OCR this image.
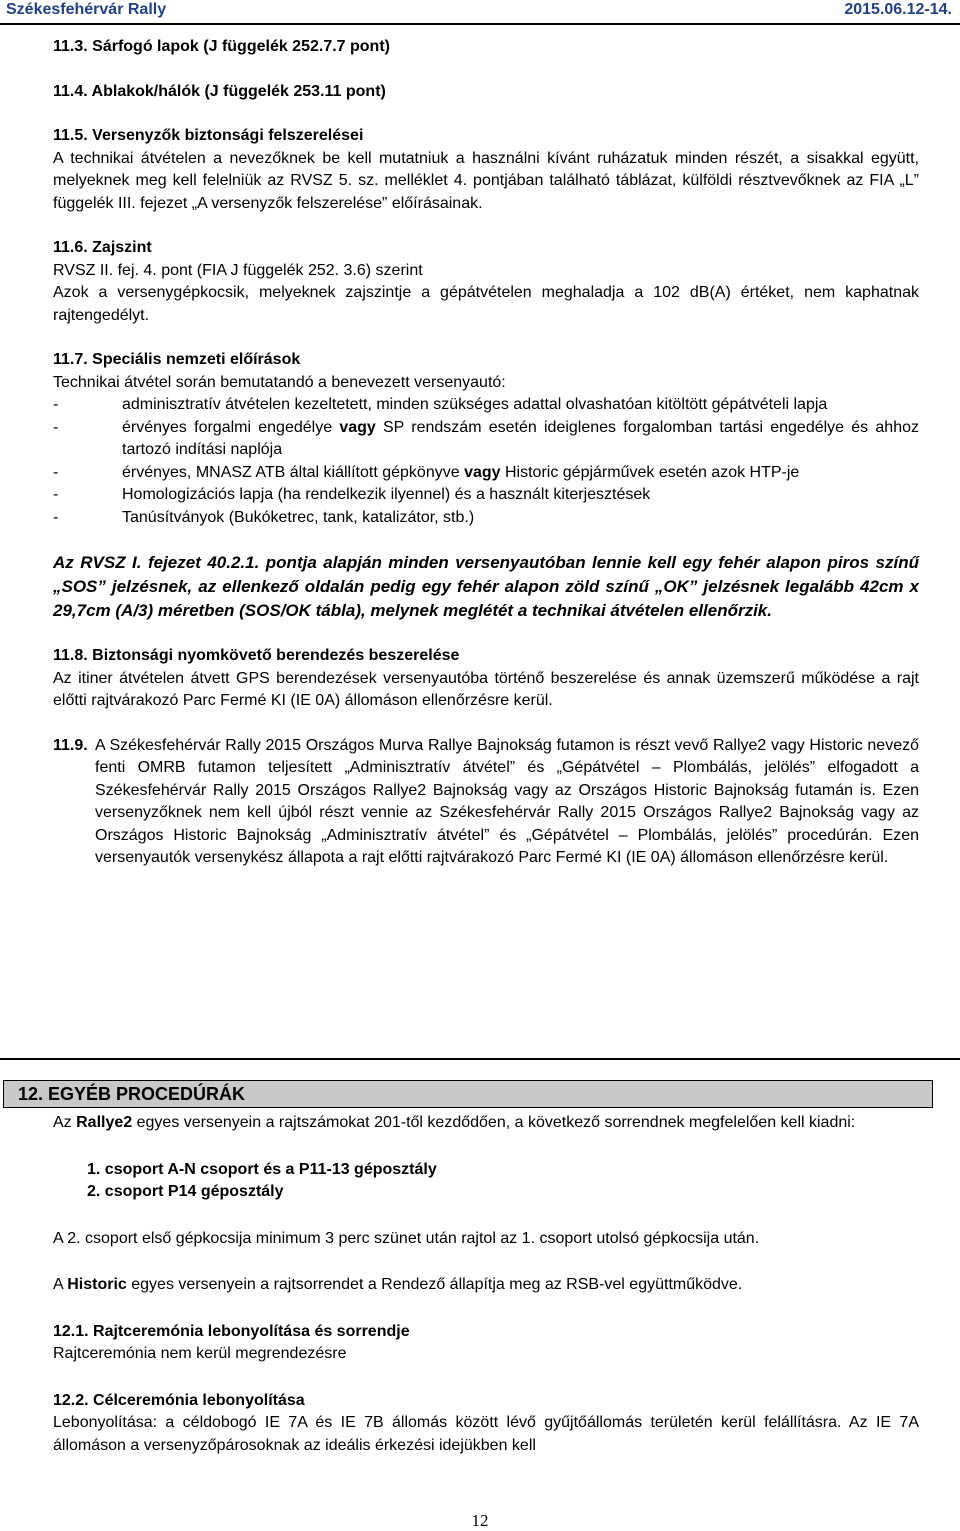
Székesfehérvár Rally	2015.06.12-14.

11.3. Sárfogó lapok (J függelék 252.7.7 pont)

11.4. Ablakok/hálók (J függelék 253.11 pont)

11.5. Versenyzők biztonsági felszerelései

A technikai átvételen a nevezőknek be kell mutatniuk a használni kívánt ruházatuk minden részét, a sisakkal együtt, melyeknek meg kell felelniük az RVSZ 5. sz. melléklet 4. pontjában található táblázat, külföldi résztvevőknek az FIA „L” függelék III. fejezet „A versenyzők felszerelése” előírásainak.

11.6. Zajszint

RVSZ II. fej. 4. pont (FIA J függelék 252. 3.6) szerint

Azok a versenygépkocsik, melyeknek zajszintje a gépátvételen meghaladja a 102 dB(A) értéket, nem kaphatnak rajtengedélyt.

11.7. Speciális nemzeti előírások

Technikai átvétel során bemutatandó a benevezett versenyautó:

-	adminisztratív átvételen kezeltetett, minden szükséges adattal olvashatóan kitöltött gépátvételi lapja
-	érvényes forgalmi engedélye vagy SP rendszám esetén ideiglenes forgalomban tartási engedélye és ahhoz tartozó indítási naplója
-	érvényes, MNASZ ATB által kiállított gépkönyve vagy Historic gépjárművek esetén azok HTP-je
-	Homologizációs lapja (ha rendelkezik ilyennel) és a használt kiterjesztések
-	Tanúsítványok (Bukóketrec, tank, katalizátor, stb.)

Az RVSZ I. fejezet 40.2.1. pontja alapján minden versenyautóban lennie kell egy fehér alapon piros színű „SOS” jelzésnek, az ellenkező oldalán pedig egy fehér alapon zöld színű „OK” jelzésnek legalább 42cm x 29,7cm (A/3) méretben (SOS/OK tábla), melynek meglétét a technikai átvételen ellenőrzik.

11.8. Biztonsági nyomkövető berendezés beszerelése

Az itiner átvételen átvett GPS berendezések versenyautóba történő beszerelése és annak üzemszerű működése a rajt előtti rajtvárakozó Parc Fermé KI (IE 0A) állomáson ellenőrzésre kerül.

11.9. A Székesfehérvár Rally 2015 Országos Murva Rallye Bajnokság futamon is részt vevő Rallye2 vagy Historic nevező fenti OMRB futamon teljesített „Adminisztratív átvétel” és „Gépátvétel – Plombálás, jelölés” elfogadott a Székesfehérvár Rally 2015 Országos Rallye2 Bajnokság vagy az Országos Historic Bajnokság futamán is. Ezen versenyzőknek nem kell újból részt vennie az Székesfehérvár Rally 2015 Országos Rallye2 Bajnokság vagy az Országos Historic Bajnokság „Adminisztratív átvétel” és „Gépátvétel – Plombálás, jelölés” procedúrán. Ezen versenyautók versenykész állapota a rajt előtti rajtvárakozó Parc Fermé KI (IE 0A) állomáson ellenőrzésre kerül.

12. EGYÉB PROCEDÚRÁK

Az Rallye2 egyes versenyein a rajtszámokat 201-től kezdődően, a következő sorrendnek megfelelően kell kiadni:

1. csoport A-N csoport és a P11-13 géposztály
2. csoport P14 géposztály

A 2. csoport első gépkocsija minimum 3 perc szünet után rajtol az 1. csoport utolsó gépkocsija után.

A Historic egyes versenyein a rajtsorrendet a Rendező állapítja meg az RSB-vel együttműködve.

12.1. Rajtceremónia lebonyolítása és sorrendje

Rajtceremónia nem kerül megrendezésre

12.2. Célceremónia lebonyolítása

Lebonyolítása: a céldobogó IE 7A és IE 7B állomás között lévő gyűjtőállomás területén kerül felállításra. Az IE 7A állomáson a versenyzőpárosoknak az ideális érkezési idejükben kell

12
